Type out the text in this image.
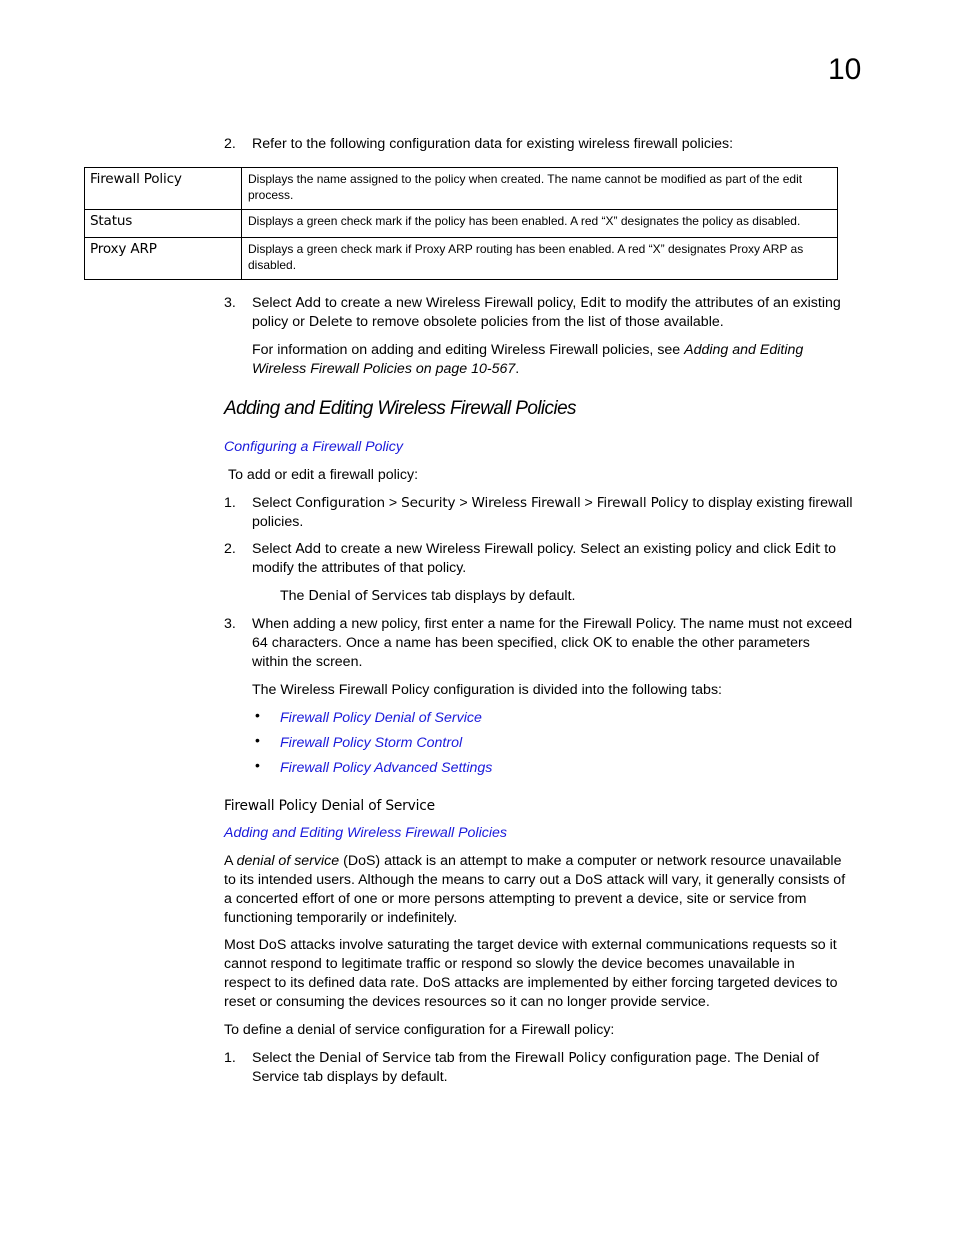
10
2. Refer to the following configuration data for existing wireless firewall policies:
Firewall Policy	Displays the name assigned to the policy when created. The name cannot be modified as part of the edit process.
Status	Displays a green check mark if the policy has been enabled. A red “X” designates the policy as disabled.
Proxy ARP	Displays a green check mark if Proxy ARP routing has been enabled. A red “X” designates Proxy ARP as disabled.
3. Select Add to create a new Wireless Firewall policy, Edit to modify the attributes of an existing
policy or Delete to remove obsolete policies from the list of those available.
For information on adding and editing Wireless Firewall policies, see Adding and Editing
Wireless Firewall Policies on page 10-567.
Adding and Editing Wireless Firewall Policies
Configuring a Firewall Policy
To add or edit a firewall policy:
1. Select Configuration > Security > Wireless Firewall > Firewall Policy to display existing firewall
policies.
2. Select Add to create a new Wireless Firewall policy. Select an existing policy and click Edit to
modify the attributes of that policy.
The Denial of Services tab displays by default.
3. When adding a new policy, first enter a name for the Firewall Policy. The name must not exceed
64 characters. Once a name has been specified, click OK to enable the other parameters
within the screen.
The Wireless Firewall Policy configuration is divided into the following tabs:
• Firewall Policy Denial of Service
• Firewall Policy Storm Control
• Firewall Policy Advanced Settings
Firewall Policy Denial of Service
Adding and Editing Wireless Firewall Policies
A denial of service (DoS) attack is an attempt to make a computer or network resource unavailable
to its intended users. Although the means to carry out a DoS attack will vary, it generally consists of
a concerted effort of one or more persons attempting to prevent a device, site or service from
functioning temporarily or indefinitely.
Most DoS attacks involve saturating the target device with external communications requests so it
cannot respond to legitimate traffic or respond so slowly the device becomes unavailable in
respect to its defined data rate. DoS attacks are implemented by either forcing targeted devices to
reset or consuming the devices resources so it can no longer provide service.
To define a denial of service configuration for a Firewall policy:
1. Select the Denial of Service tab from the Firewall Policy configuration page. The Denial of
Service tab displays by default.
